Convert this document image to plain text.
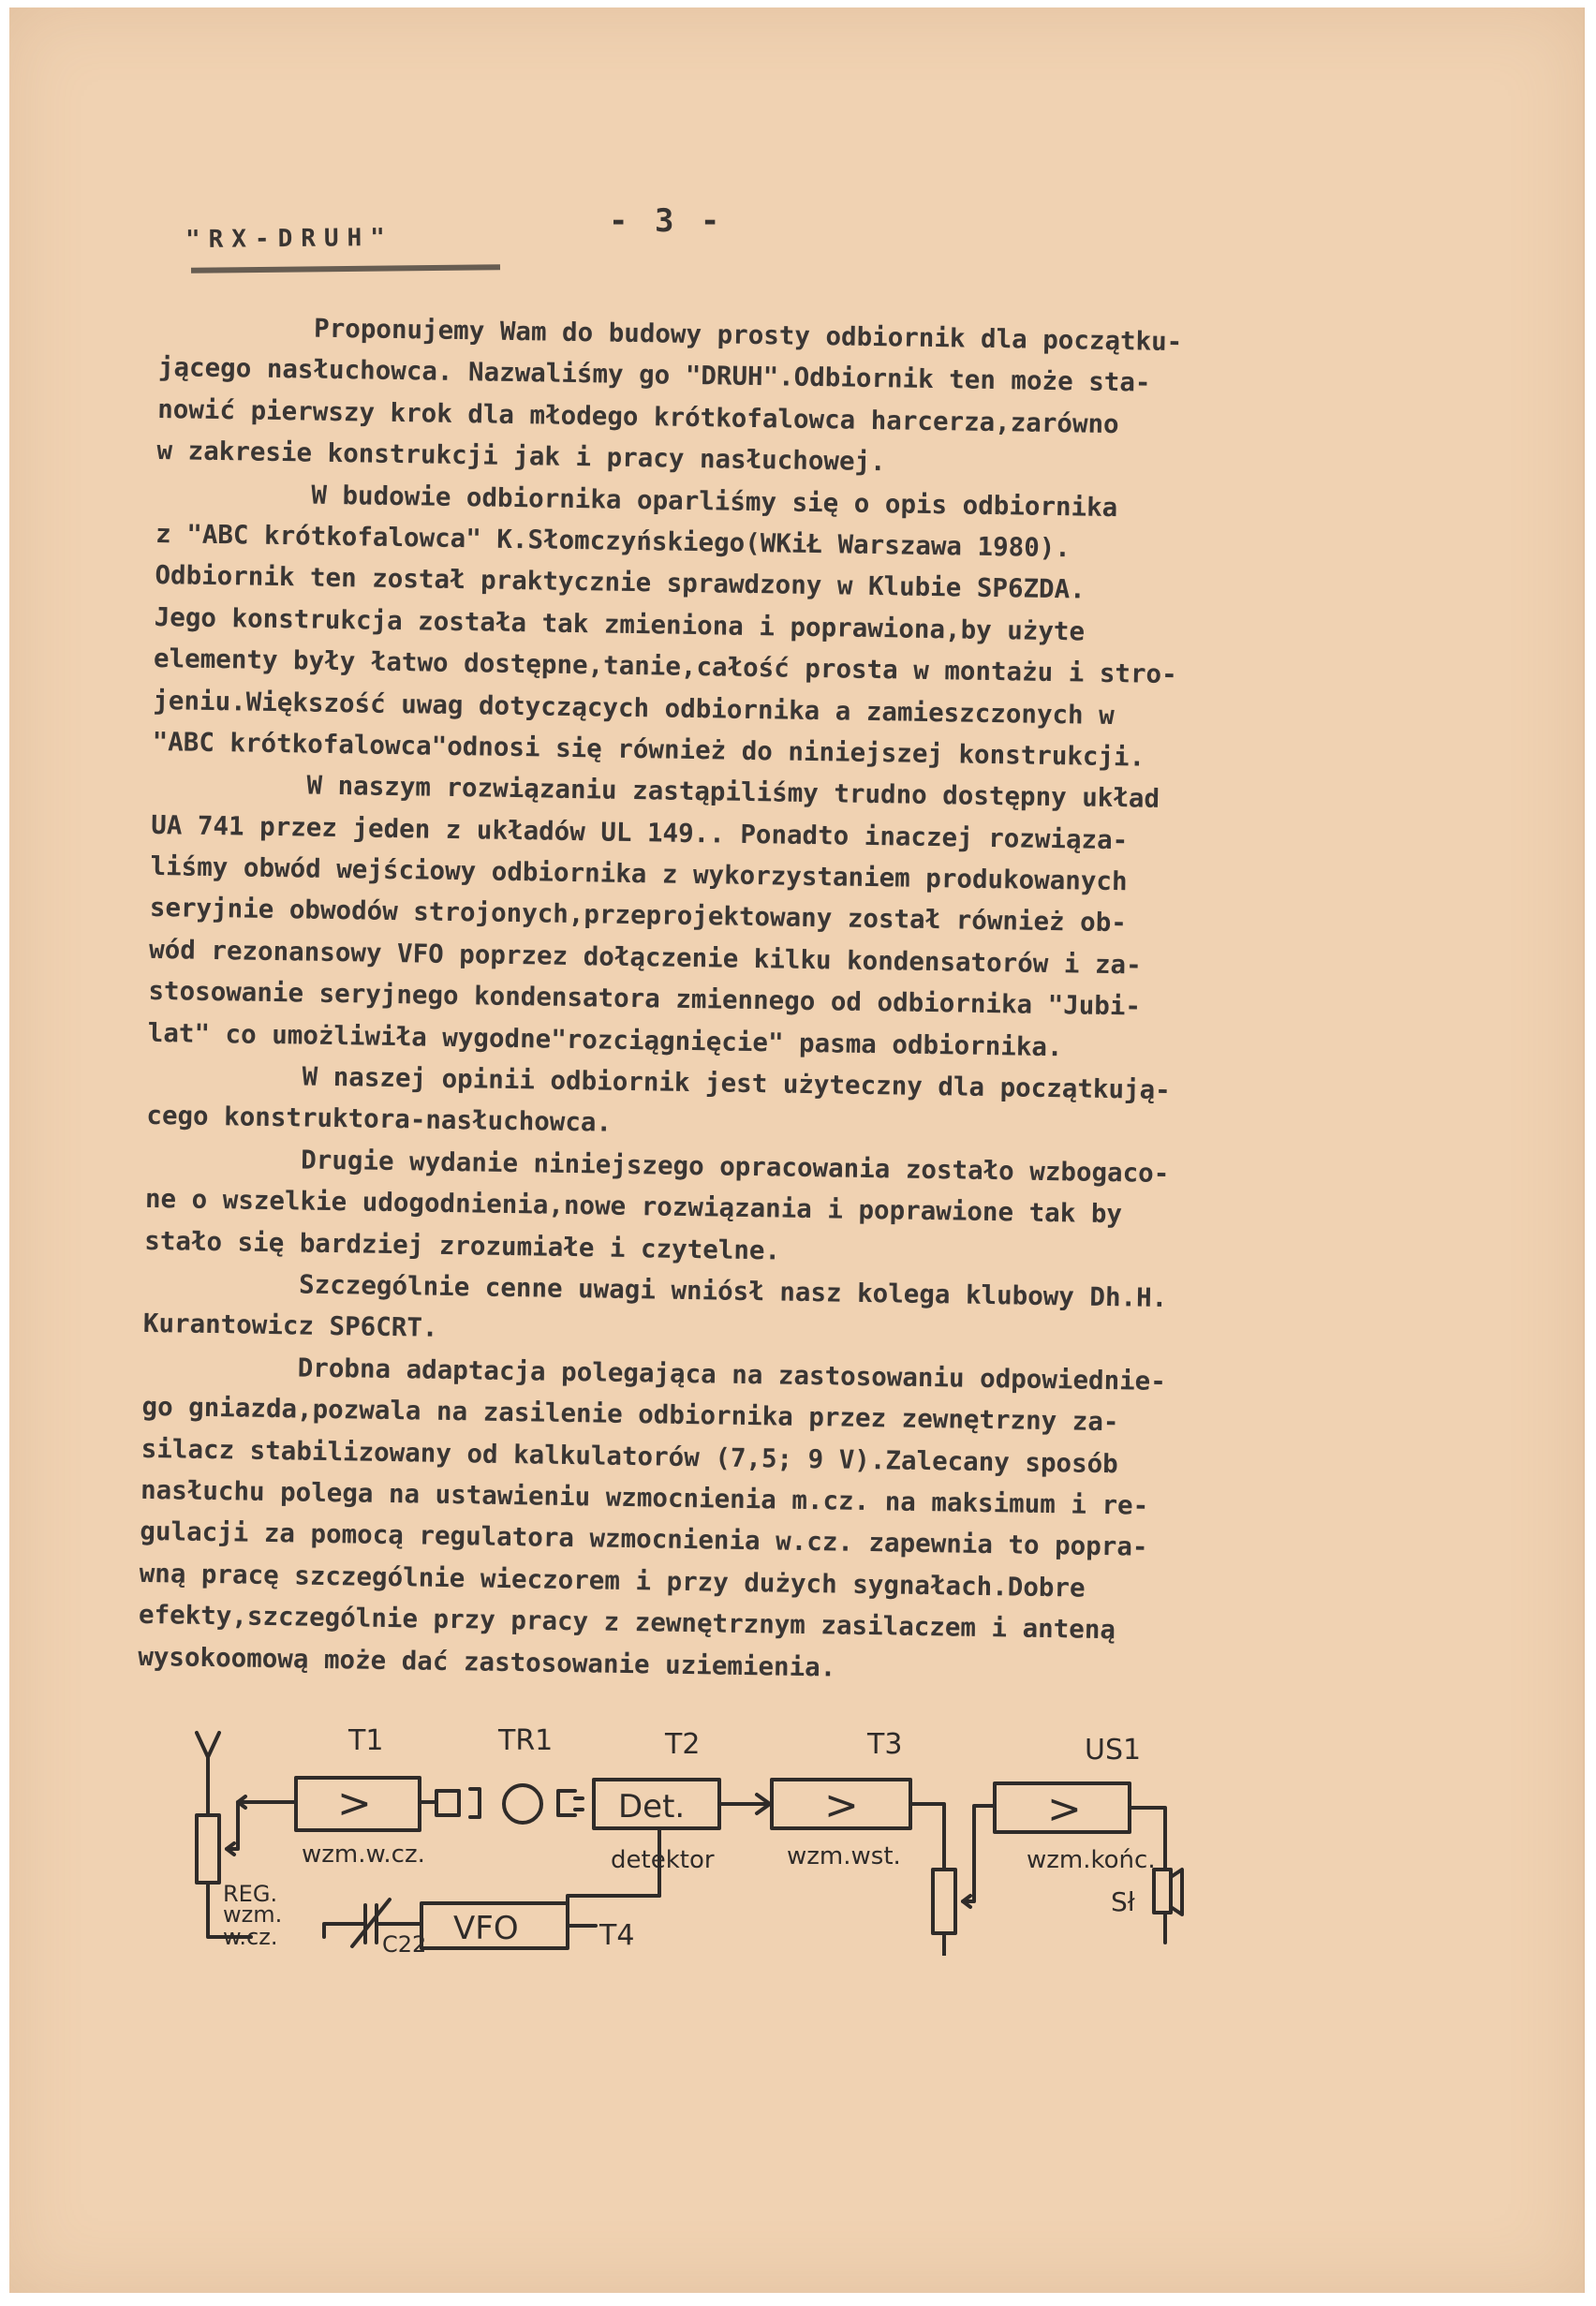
"RX-DRUH"	- 3 -
Proponujemy Wam do budowy prosty odbiornik dla początku-
jącego nasłuchowca. Nazwaliśmy go "DRUH".Odbiornik ten może sta-
nowić pierwszy krok dla młodego krótkofalowca harcerza,zarówno
w zakresie konstrukcji jak i pracy nasłuchowej.
W budowie odbiornika oparliśmy się o opis odbiornika
z "ABC krótkofalowca" K.Słomczyńskiego(WKiŁ Warszawa 1980).
Odbiornik ten został praktycznie sprawdzony w Klubie SP6ZDA.
Jego konstrukcja została tak zmieniona i poprawiona,by użyte
elementy były łatwo dostępne,tanie,całość prosta w montażu i stro-
jeniu.Większość uwag dotyczących odbiornika a zamieszczonych w
"ABC krótkofalowca"odnosi się również do niniejszej konstrukcji.
W naszym rozwiązaniu zastąpiliśmy trudno dostępny układ
UA 741 przez jeden z układów UL 149.. Ponadto inaczej rozwiąza-
liśmy obwód wejściowy odbiornika z wykorzystaniem produkowanych
seryjnie obwodów strojonych,przeprojektowany został również ob-
wód rezonansowy VFO poprzez dołączenie kilku kondensatorów i za-
stosowanie seryjnego kondensatora zmiennego od odbiornika "Jubi-
lat" co umożliwiła wygodne"rozciągnięcie" pasma odbiornika.
W naszej opinii odbiornik jest użyteczny dla początkują-
cego konstruktora-nasłuchowca.
Drugie wydanie niniejszego opracowania zostało wzbogaco-
ne o wszelkie udogodnienia,nowe rozwiązania i poprawione tak by
stało się bardziej zrozumiałe i czytelne.
Szczególnie cenne uwagi wniósł nasz kolega klubowy Dh.H.
Kurantowicz SP6CRT.
Drobna adaptacja polegająca na zastosowaniu odpowiednie-
go gniazda,pozwala na zasilenie odbiornika przez zewnętrzny za-
silacz stabilizowany od kalkulatorów (7,5; 9 V).Zalecany sposób
nasłuchu polega na ustawieniu wzmocnienia m.cz. na maksimum i re-
gulacji za pomocą regulatora wzmocnienia w.cz. zapewnia to popra-
wną pracę szczególnie wieczorem i przy dużych sygnałach.Dobre
efekty,szczególnie przy pracy z zewnętrznym zasilaczem i anteną
wysokoomową może dać zastosowanie uziemienia.
REG.
wzm.
w.cz.
T1
>
wzm.w.cz.
TR1	T2
Det.
detektor
T3
>
wzm.wst.
US1
>
wzm.końc.
Sł
C22 VFO	T4
